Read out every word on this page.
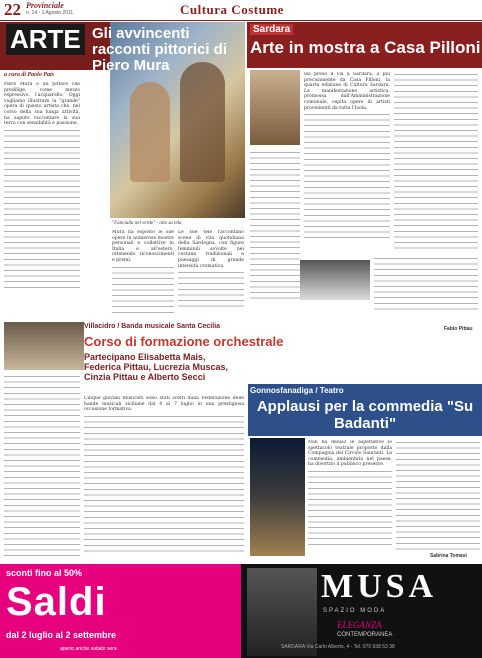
22 Provinciale
n. 14 - 1 Agosto 2011	Cultura Costume
ARTE Gli avvincenti racconti pittorici di Piero Mura
a cura di Paolo Pais
"Fanciulla nel verde" - olio su tela

Piero Mura è un pittore che predilige, come mezzo espressivo, l'acquarello. Oggi vogliamo illustrare la "grande" opera di questo artista che, nel corso della sua lunga attività, ha saputo raccontare la sua terra con sensibilità e passione.

Mura ha esposto le sue opere in numerose mostre personali e collettive in Italia e all'estero, ottenendo riconoscimenti e premi.

Le sue tele raccontano scene di vita quotidiana della Sardegna, con figure femminili avvolte nei costumi tradizionali e paesaggi di grande intensità cromatica.

Sardara
Arte in mostra a Casa Pilloni

Ha preso il via a Sardara, a più precisamente da Casa Pilloni, la quarta edizione di Cultura Sardara. La manifestazione artistica, promossa dall'Amministrazione comunale, ospita opere di artisti provenienti da tutta l'Isola.

Fabio Pittau
Villacidro / Banda musicale Santa Cecilia
Corso di formazione orchestrale
Partecipano Elisabetta Mais, Federica Pittau, Lucrezia Muscas, Cinzia Pittau e Alberto Secci

Cinque giovani musicisti sono stati scelti dalla Federazione delle bande musicali siciliane dal 4 al 7 luglio in una prestigiosa occasione formativa.

Gonnosfanadiga / Teatro
Applausi per la commedia "Su Badanti"

Non ha deluso le aspettative lo spettacolo teatrale proposto dalla Compagnia del Circolo Sauranti. La commedia, ambientata nel paese, ha divertito il pubblico presente.

Sabrina Tomasi
sconti fino al 50%
Saldi
dal 2 luglio al 2 settembre
aperto anche sabato sera
MUSA
SPAZIO MODA
ELEGANZA
CONTEMPORANEA
SARDARA Via Carlo Alberto, 4 - Tel. 070 938 53 38
